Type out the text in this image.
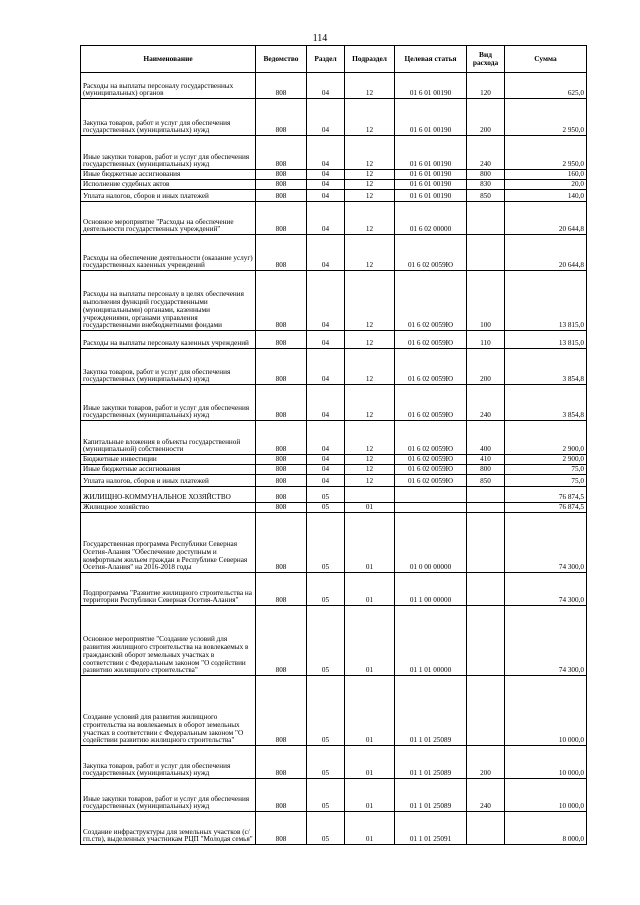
114
Наименование	Ведомство	Раздел	Подраздел	Целевая статья	Вид расхода	Сумма
Расходы на выплаты персоналу государственных (муниципальных) органов	808	04	12	01 6 01 00190	120	625,0
Закупка товаров, работ и услуг для обеспечения государственных (муниципальных) нужд	808	04	12	01 6 01 00190	200	2 950,0
Иные закупки товаров, работ и услуг для обеспечения государственных (муниципальных) нужд	808	04	12	01 6 01 00190	240	2 950,0
Иные бюджетные ассигнования	808	04	12	01 6 01 00190	800	160,0
Исполнение судебных актов	808	04	12	01 6 01 00190	830	20,0
Уплата налогов, сборов и иных платежей	808	04	12	01 6 01 00190	850	140,0
Основное мероприятие "Расходы на обеспечение деятельности государственных учреждений"	808	04	12	01 6 02 00000		20 644,8
Расходы на обеспечение деятельности (оказание услуг) государственных казенных учреждений	808	04	12	01 6 02 0059Ю		20 644,8
Расходы на выплаты персоналу в целях обеспечения выполнения функций государственными (муниципальными) органами, казенными учреждениями, органами управления государственными внебюджетными фондами	808	04	12	01 6 02 0059Ю	100	13 815,0
Расходы на выплаты персоналу казенных учреждений	808	04	12	01 6 02 0059Ю	110	13 815,0
Закупка товаров, работ и услуг для обеспечения государственных (муниципальных) нужд	808	04	12	01 6 02 0059Ю	200	3 854,8
Иные закупки товаров, работ и услуг для обеспечения государственных (муниципальных) нужд	808	04	12	01 6 02 0059Ю	240	3 854,8
Капитальные вложения в объекты государственной (муниципальной) собственности	808	04	12	01 6 02 0059Ю	400	2 900,0
Бюджетные инвестиции	808	04	12	01 6 02 0059Ю	410	2 900,0
Иные бюджетные ассигнования	808	04	12	01 6 02 0059Ю	800	75,0
Уплата налогов, сборов и иных платежей	808	04	12	01 6 02 0059Ю	850	75,0
ЖИЛИЩНО-КОММУНАЛЬНОЕ ХОЗЯЙСТВО	808	05				76 874,5
Жилищное хозяйство	808	05	01			76 874,5
Государственная программа Республики Северная Осетия-Алания "Обеспечение доступным и комфортным жильем граждан в Республике Северная Осетия-Алания" на 2016-2018 годы	808	05	01	01 0 00 00000		74 300,0
Подпрограмма "Развитие жилищного строительства на территории Республики Северная Осетия-Алания"	808	05	01	01 1 00 00000		74 300,0
Основное мероприятие "Создание условий для развития жилищного строительства на вовлекаемых в гражданский оборот земельных участках в соответствии с Федеральным законом "О содействии развитию жилищного строительства"	808	05	01	01 1 01 00000		74 300,0
Создание условий для развития жилищного строительства на вовлекаемых в оборот земельных участках в соответствии с Федеральным законом "О содействии развитию жилищного строительства"	808	05	01	01 1 01 25089		10 000,0
Закупка товаров, работ и услуг для обеспечения государственных (муниципальных) нужд	808	05	01	01 1 01 25089	200	10 000,0
Иные закупки товаров, работ и услуг для обеспечения государственных (муниципальных) нужд	808	05	01	01 1 01 25089	240	10 000,0
Создание инфраструктуры для земельных участков (с/гп.ств), выделенных участникам РЦП "Молодая семья"	808	05	01	01 1 01 25091		8 000,0
